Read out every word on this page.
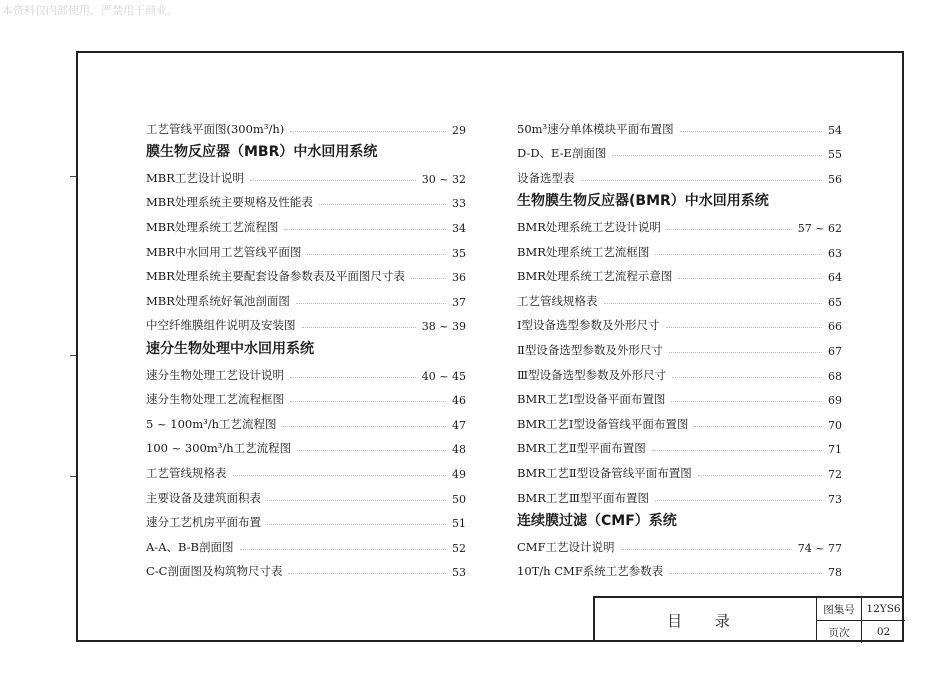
本资料仅内部使用，严禁用于商业。
工艺管线平面图(300m³/h)	29
膜生物反应器（MBR）中水回用系统
MBR工艺设计说明	30 ~ 32
MBR处理系统主要规格及性能表	33
MBR处理系统工艺流程图	34
MBR中水回用工艺管线平面图	35
MBR处理系统主要配套设备参数表及平面图尺寸表	36
MBR处理系统好氧池剖面图	37
中空纤维膜组件说明及安装图	38 ~ 39
速分生物处理中水回用系统
速分生物处理工艺设计说明	40 ~ 45
速分生物处理工艺流程框图	46
5 ~ 100m³/h工艺流程图	47
100 ~ 300m³/h工艺流程图	48
工艺管线规格表	49
主要设备及建筑面积表	50
速分工艺机房平面布置	51
A-A、B-B剖面图	52
C-C剖面图及构筑物尺寸表	53
50m³速分单体模块平面布置图	54
D-D、E-E剖面图	55
设备选型表	56
生物膜生物反应器(BMR）中水回用系统
BMR处理系统工艺设计说明	57 ~ 62
BMR处理系统工艺流框图	63
BMR处理系统工艺流程示意图	64
工艺管线规格表	65
Ⅰ型设备选型参数及外形尺寸	66
Ⅱ型设备选型参数及外形尺寸	67
Ⅲ型设备选型参数及外形尺寸	68
BMR工艺Ⅰ型设备平面布置图	69
BMR工艺Ⅰ型设备管线平面布置图	70
BMR工艺Ⅱ型平面布置图	71
BMR工艺Ⅱ型设备管线平面布置图	72
BMR工艺Ⅲ型平面布置图	73
连续膜过滤（CMF）系统
CMF工艺设计说明	74 ~ 77
10T/h CMF系统工艺参数表	78
目 录
图集号	12YS6
页次	02
